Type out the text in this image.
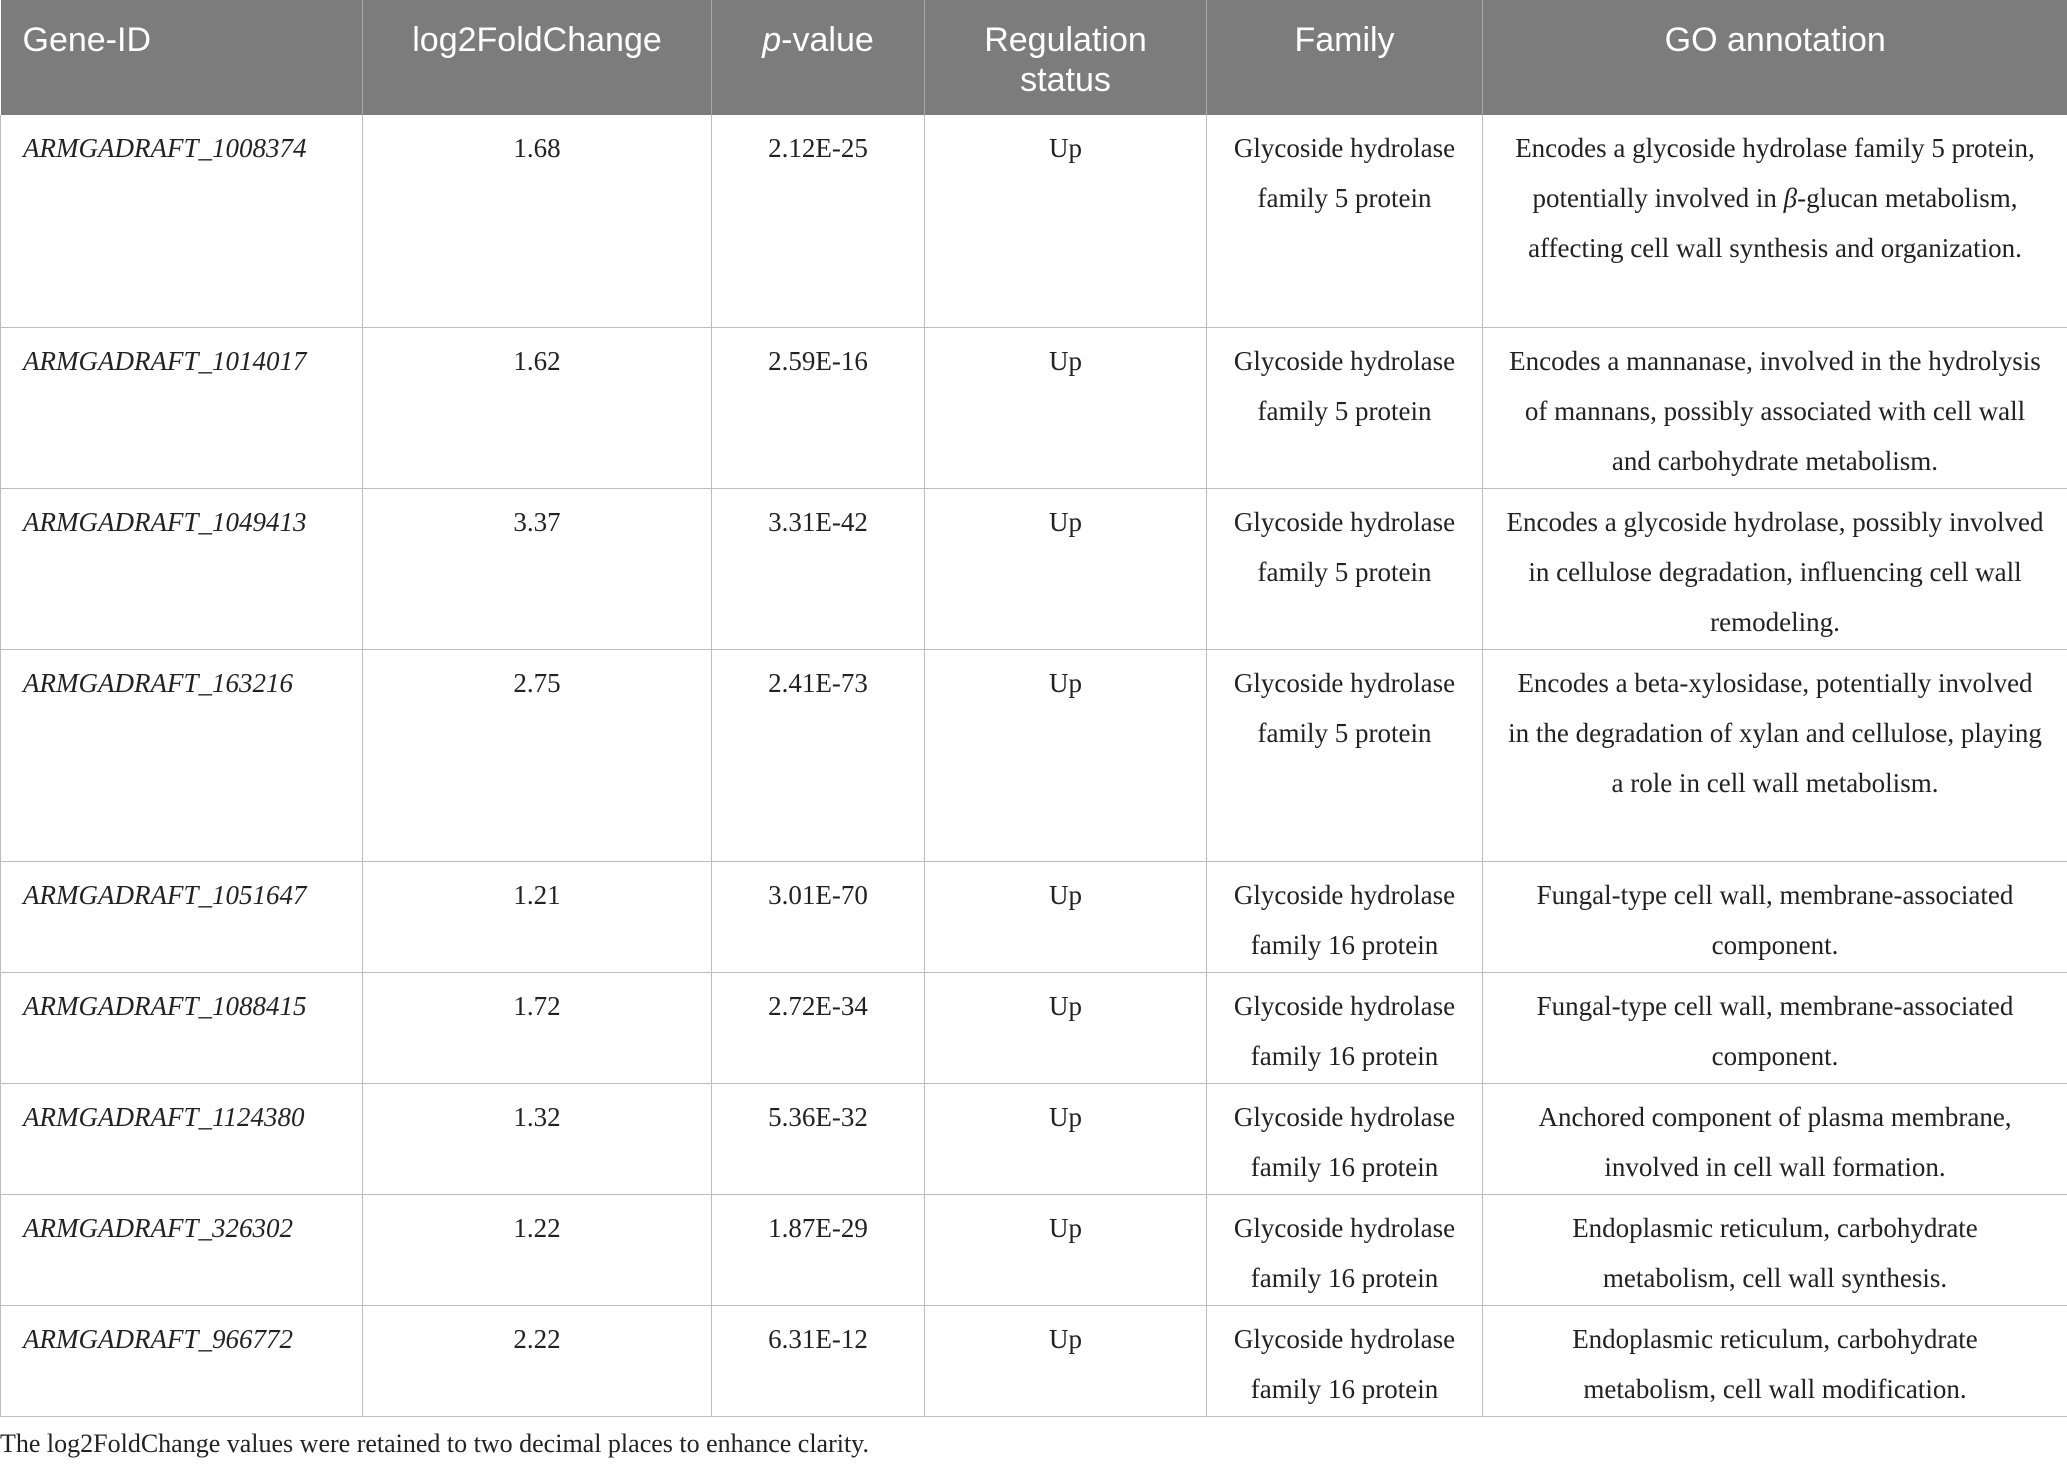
Gene-ID	log2FoldChange	p-value	Regulation status	Family	GO annotation
ARMGADRAFT_1008374	1.68	2.12E-25	Up	Glycoside hydrolase family 5 protein	Encodes a glycoside hydrolase family 5 protein, potentially involved in β-glucan metabolism, affecting cell wall synthesis and organization.
ARMGADRAFT_1014017	1.62	2.59E-16	Up	Glycoside hydrolase family 5 protein	Encodes a mannanase, involved in the hydrolysis of mannans, possibly associated with cell wall and carbohydrate metabolism.
ARMGADRAFT_1049413	3.37	3.31E-42	Up	Glycoside hydrolase family 5 protein	Encodes a glycoside hydrolase, possibly involved in cellulose degradation, influencing cell wall remodeling.
ARMGADRAFT_163216	2.75	2.41E-73	Up	Glycoside hydrolase family 5 protein	Encodes a beta-xylosidase, potentially involved in the degradation of xylan and cellulose, playing a role in cell wall metabolism.
ARMGADRAFT_1051647	1.21	3.01E-70	Up	Glycoside hydrolase family 16 protein	Fungal-type cell wall, membrane-associated component.
ARMGADRAFT_1088415	1.72	2.72E-34	Up	Glycoside hydrolase family 16 protein	Fungal-type cell wall, membrane-associated component.
ARMGADRAFT_1124380	1.32	5.36E-32	Up	Glycoside hydrolase family 16 protein	Anchored component of plasma membrane, involved in cell wall formation.
ARMGADRAFT_326302	1.22	1.87E-29	Up	Glycoside hydrolase family 16 protein	Endoplasmic reticulum, carbohydrate metabolism, cell wall synthesis.
ARMGADRAFT_966772	2.22	6.31E-12	Up	Glycoside hydrolase family 16 protein	Endoplasmic reticulum, carbohydrate metabolism, cell wall modification.
The log2FoldChange values were retained to two decimal places to enhance clarity.
